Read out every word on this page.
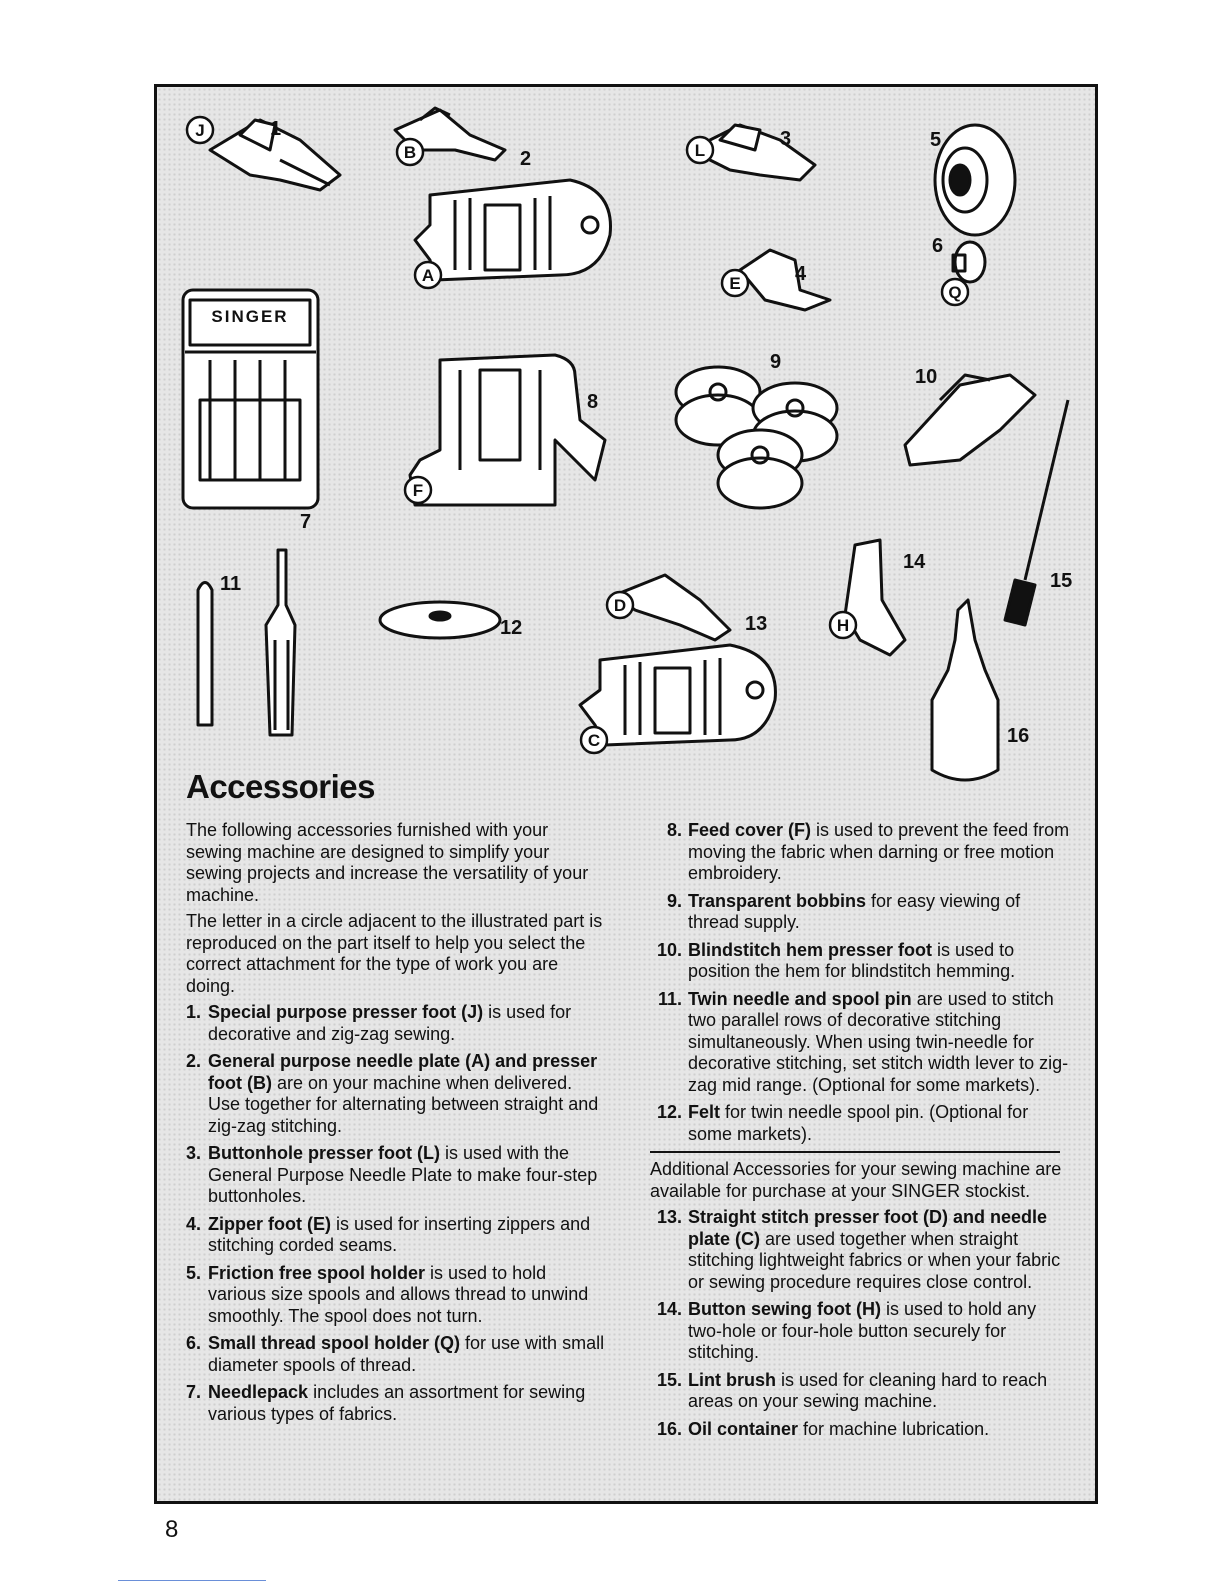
J
B
A
L
E	Q
F
D
C
H
SINGER
1
2
3
4
5
6
7
8
9
10
11
12	13
14
15
16
Accessories

The following accessories furnished with your sewing machine are designed to simplify your sewing projects and increase the versatility of your machine.

The letter in a circle adjacent to the illustrated part is reproduced on the part itself to help you select the correct attachment for the type of work you are doing.

1. Special purpose presser foot (J) is used for decorative and zig-zag sewing.
2. General purpose needle plate (A) and presser foot (B) are on your machine when delivered. Use together for alternating between straight and zig-zag stitching.
3. Buttonhole presser foot (L) is used with the General Purpose Needle Plate to make four-step buttonholes.
4. Zipper foot (E) is used for inserting zippers and stitching corded seams.
5. Friction free spool holder is used to hold various size spools and allows thread to unwind smoothly. The spool does not turn.
6. Small thread spool holder (Q) for use with small diameter spools of thread.
7. Needlepack includes an assortment for sewing various types of fabrics.
8. Feed cover (F) is used to prevent the feed from moving the fabric when darning or free motion embroidery.
9. Transparent bobbins for easy viewing of thread supply.
10. Blindstitch hem presser foot is used to position the hem for blindstitch hemming.
11. Twin needle and spool pin are used to stitch two parallel rows of decorative stitching simultaneously. When using twin-needle for decorative stitching, set stitch width lever to zig-zag mid range. (Optional for some markets).
12. Felt for twin needle spool pin. (Optional for some markets).

Additional Accessories for your sewing machine are available for purchase at your SINGER stockist.

13. Straight stitch presser foot (D) and needle plate (C) are used together when straight stitching lightweight fabrics or when your fabric or sewing procedure requires close control.
14. Button sewing foot (H) is used to hold any two-hole or four-hole button securely for stitching.
15. Lint brush is used for cleaning hard to reach areas on your sewing machine.
16. Oil container for machine lubrication.
8
